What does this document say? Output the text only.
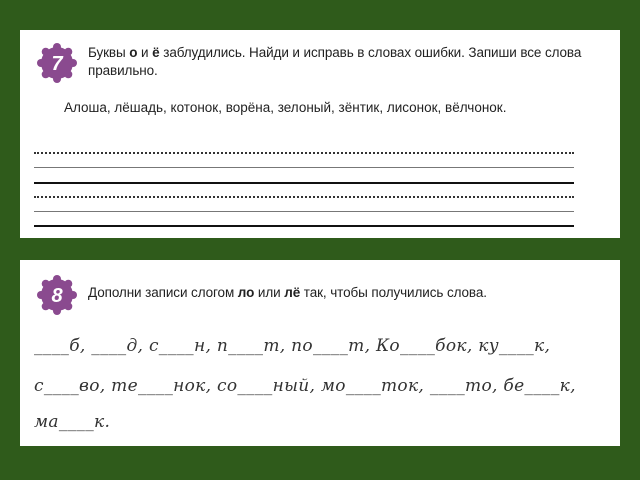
7
Буквы о и ё заблудились. Найди и исправь в словах ошибки. Запиши все слова правильно.
Алоша, лёшадь, котонок, ворёна, зелоный, зёнтик, лисонок, вёлчонок.
8 Дополни записи слогом ло или лё так, чтобы получились слова.
____б, ____д, с____н, п____т, по____т, Ко____бок, ку____к,
с____во, те____нок, со____ный, мо____ток, ____то, бе____к,
ма____к.
